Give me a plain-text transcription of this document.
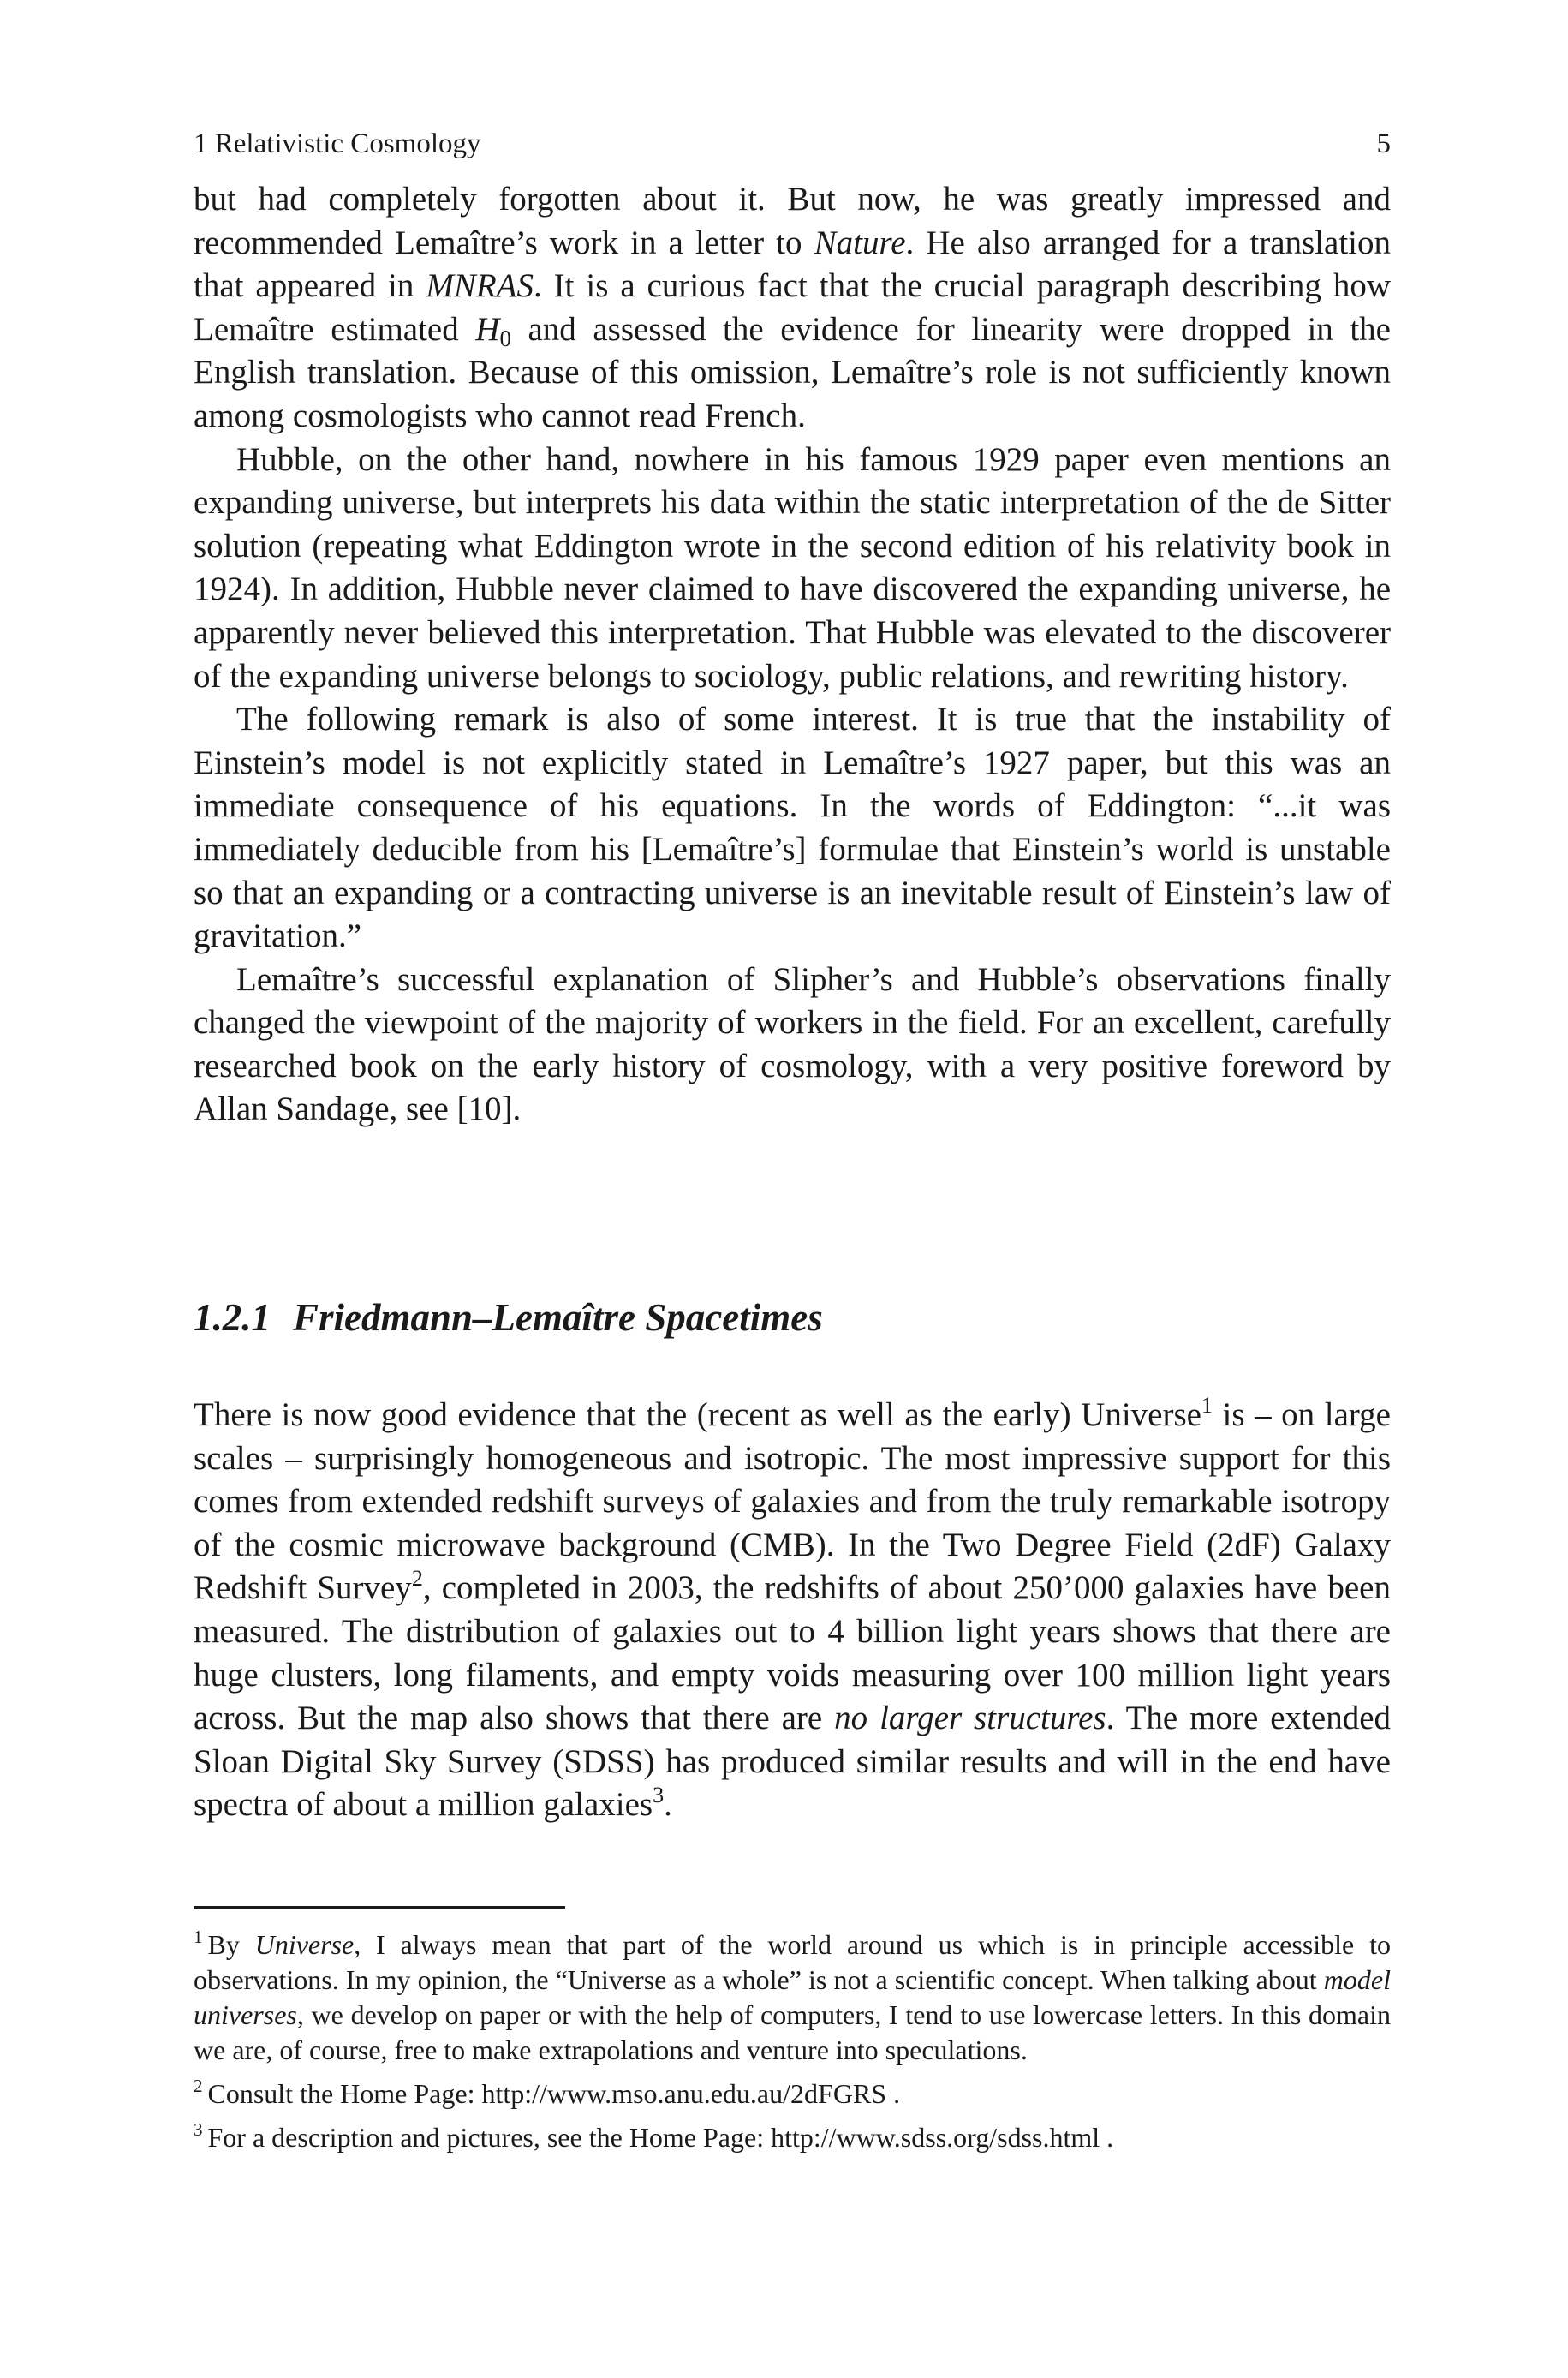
1 Relativistic Cosmology	5

but had completely forgotten about it. But now, he was greatly impressed and recommended Lemaître’s work in a letter to Nature. He also arranged for a translation that appeared in MNRAS. It is a curious fact that the crucial paragraph describing how Lemaître estimated $H_0$ and assessed the evidence for linearity were dropped in the English translation. Because of this omission, Lemaître’s role is not sufficiently known among cosmologists who cannot read French.

Hubble, on the other hand, nowhere in his famous 1929 paper even mentions an expanding universe, but interprets his data within the static interpretation of the de Sitter solution (repeating what Eddington wrote in the second edition of his relativity book in 1924). In addition, Hubble never claimed to have discovered the expanding universe, he apparently never believed this interpretation. That Hubble was elevated to the discoverer of the expanding universe belongs to sociology, public relations, and rewriting history.

The following remark is also of some interest. It is true that the instability of Einstein’s model is not explicitly stated in Lemaître’s 1927 paper, but this was an immediate consequence of his equations. In the words of Eddington: “...it was immediately deducible from his [Lemaître’s] formulae that Einstein’s world is unstable so that an expanding or a contracting universe is an inevitable result of Einstein’s law of gravitation.”

Lemaître’s successful explanation of Slipher’s and Hubble’s observations finally changed the viewpoint of the majority of workers in the field. For an excellent, carefully researched book on the early history of cosmology, with a very positive foreword by Allan Sandage, see [10].

1.2.1 Friedmann–Lemaître Spacetimes

There is now good evidence that the (recent as well as the early) Universe$^1$ is – on large scales – surprisingly homogeneous and isotropic. The most impressive support for this comes from extended redshift surveys of galaxies and from the truly remarkable isotropy of the cosmic microwave background (CMB). In the Two Degree Field (2dF) Galaxy Redshift Survey$^2$, completed in 2003, the redshifts of about 250’000 galaxies have been measured. The distribution of galaxies out to 4 billion light years shows that there are huge clusters, long filaments, and empty voids measuring over 100 million light years across. But the map also shows that there are no larger structures. The more extended Sloan Digital Sky Survey (SDSS) has produced similar results and will in the end have spectra of about a million galaxies$^3$.

$^1$ By Universe, I always mean that part of the world around us which is in principle accessible to observations. In my opinion, the “Universe as a whole” is not a scientific concept. When talking about model universes, we develop on paper or with the help of computers, I tend to use lowercase letters. In this domain we are, of course, free to make extrapolations and venture into speculations.

$^2$ Consult the Home Page: http://www.mso.anu.edu.au/2dFGRS .

$^3$ For a description and pictures, see the Home Page: http://www.sdss.org/sdss.html .
